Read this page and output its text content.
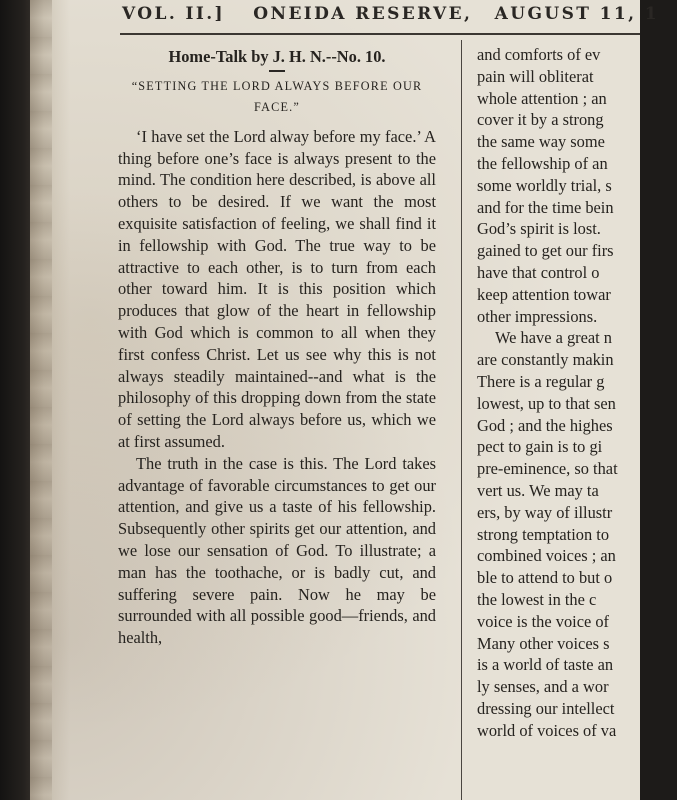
VOL. II.] ONEIDA RESERVE, AUGUST 11, 1
Home-Talk by J. H. N.--No. 10.
“SETTING THE LORD ALWAYS BEFORE OUR FACE.”

‘I have set the Lord alway before my face.’ A thing before one’s face is always present to the mind. The condition here described, is above all others to be desired. If we want the most exquisite satisfaction of feeling, we shall find it in fellowship with God. The true way to be attractive to each other, is to turn from each other toward him. It is this position which produces that glow of the heart in fellowship with God which is common to all when they first confess Christ. Let us see why this is not always steadily maintained--and what is the philosophy of this dropping down from the state of setting the Lord always before us, which we at first assumed.

The truth in the case is this. The Lord takes advantage of favorable circumstances to get our attention, and give us a taste of his fellowship. Subsequently other spirits get our attention, and we lose our sensation of God. To illustrate; a man has the toothache, or is badly cut, and suffering severe pain. Now he may be surrounded with all possible good—friends, and health,

and comforts of ev
pain will obliterat
whole attention ; an
cover it by a strong
the same way some
the fellowship of an
some worldly trial, s
and for the time bein
God’s spirit is lost.
gained to get our firs
have that control o
keep attention towar
other impressions.
We have a great n
are constantly makin
There is a regular g
lowest, up to that sen
God ; and the highes
pect to gain is to gi
pre-eminence, so that
vert us. We may ta
ers, by way of illustr
strong temptation to
combined voices ; an
ble to attend to but o
the lowest in the c
voice is the voice of
Many other voices s
is a world of taste an
ly senses, and a wor
dressing our intellect
world of voices of va
